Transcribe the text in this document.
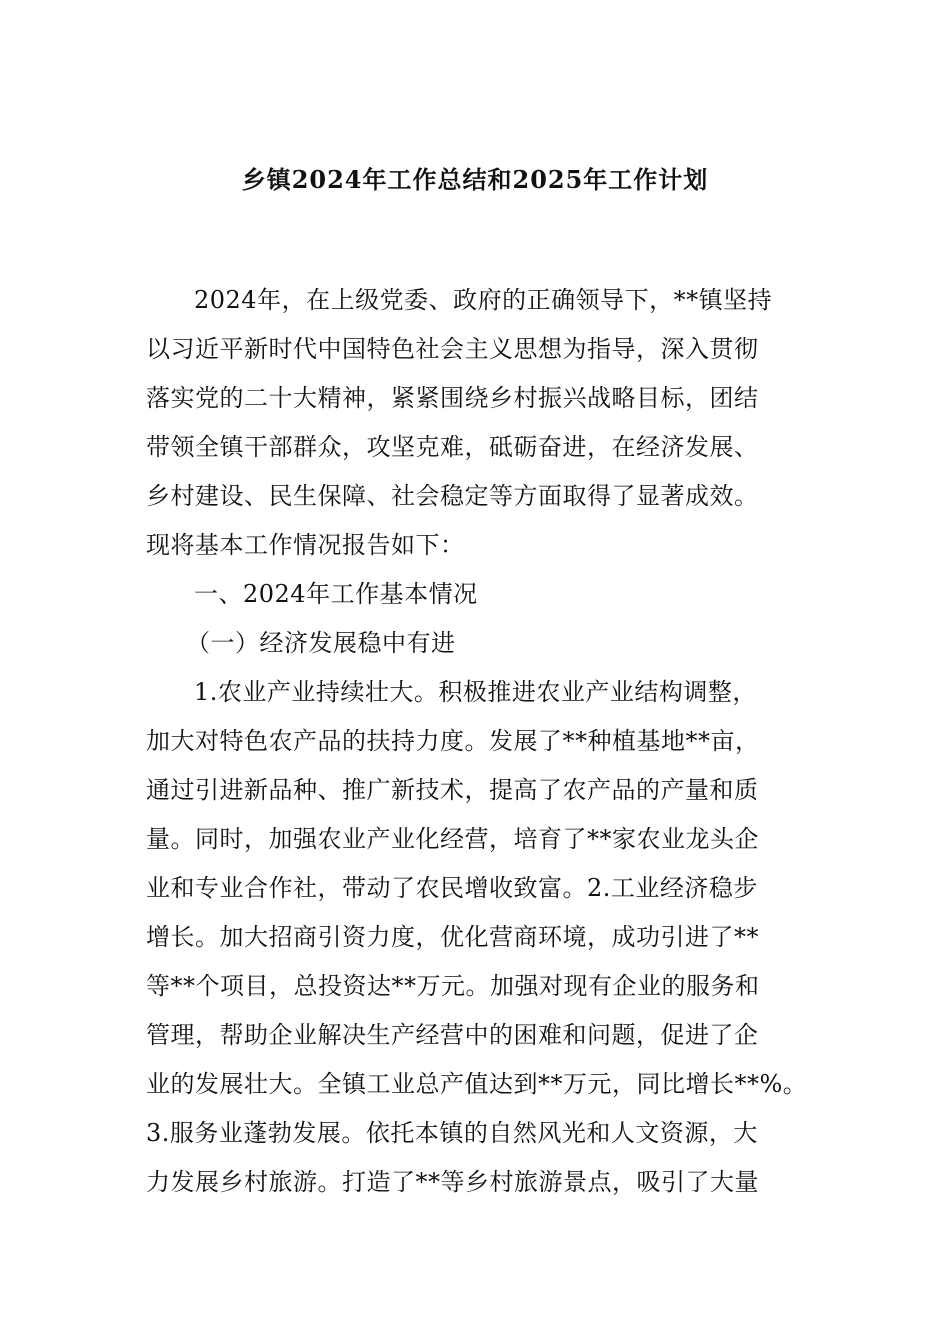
乡镇2024年工作总结和2025年工作计划
2024年，在上级党委、政府的正确领导下，**镇坚持
以习近平新时代中国特色社会主义思想为指导，深入贯彻
落实党的二十大精神，紧紧围绕乡村振兴战略目标，团结
带领全镇干部群众，攻坚克难，砥砺奋进，在经济发展、
乡村建设、民生保障、社会稳定等方面取得了显著成效。
现将基本工作情况报告如下：
一、2024年工作基本情况
（一）经济发展稳中有进
1.农业产业持续壮大。积极推进农业产业结构调整，
加大对特色农产品的扶持力度。发展了**种植基地**亩，
通过引进新品种、推广新技术，提高了农产品的产量和质
量。同时，加强农业产业化经营，培育了**家农业龙头企
业和专业合作社，带动了农民增收致富。2.工业经济稳步
增长。加大招商引资力度，优化营商环境，成功引进了**
等**个项目，总投资达**万元。加强对现有企业的服务和
管理，帮助企业解决生产经营中的困难和问题，促进了企
业的发展壮大。全镇工业总产值达到**万元，同比增长**%。
3.服务业蓬勃发展。依托本镇的自然风光和人文资源，大
力发展乡村旅游。打造了**等乡村旅游景点，吸引了大量
